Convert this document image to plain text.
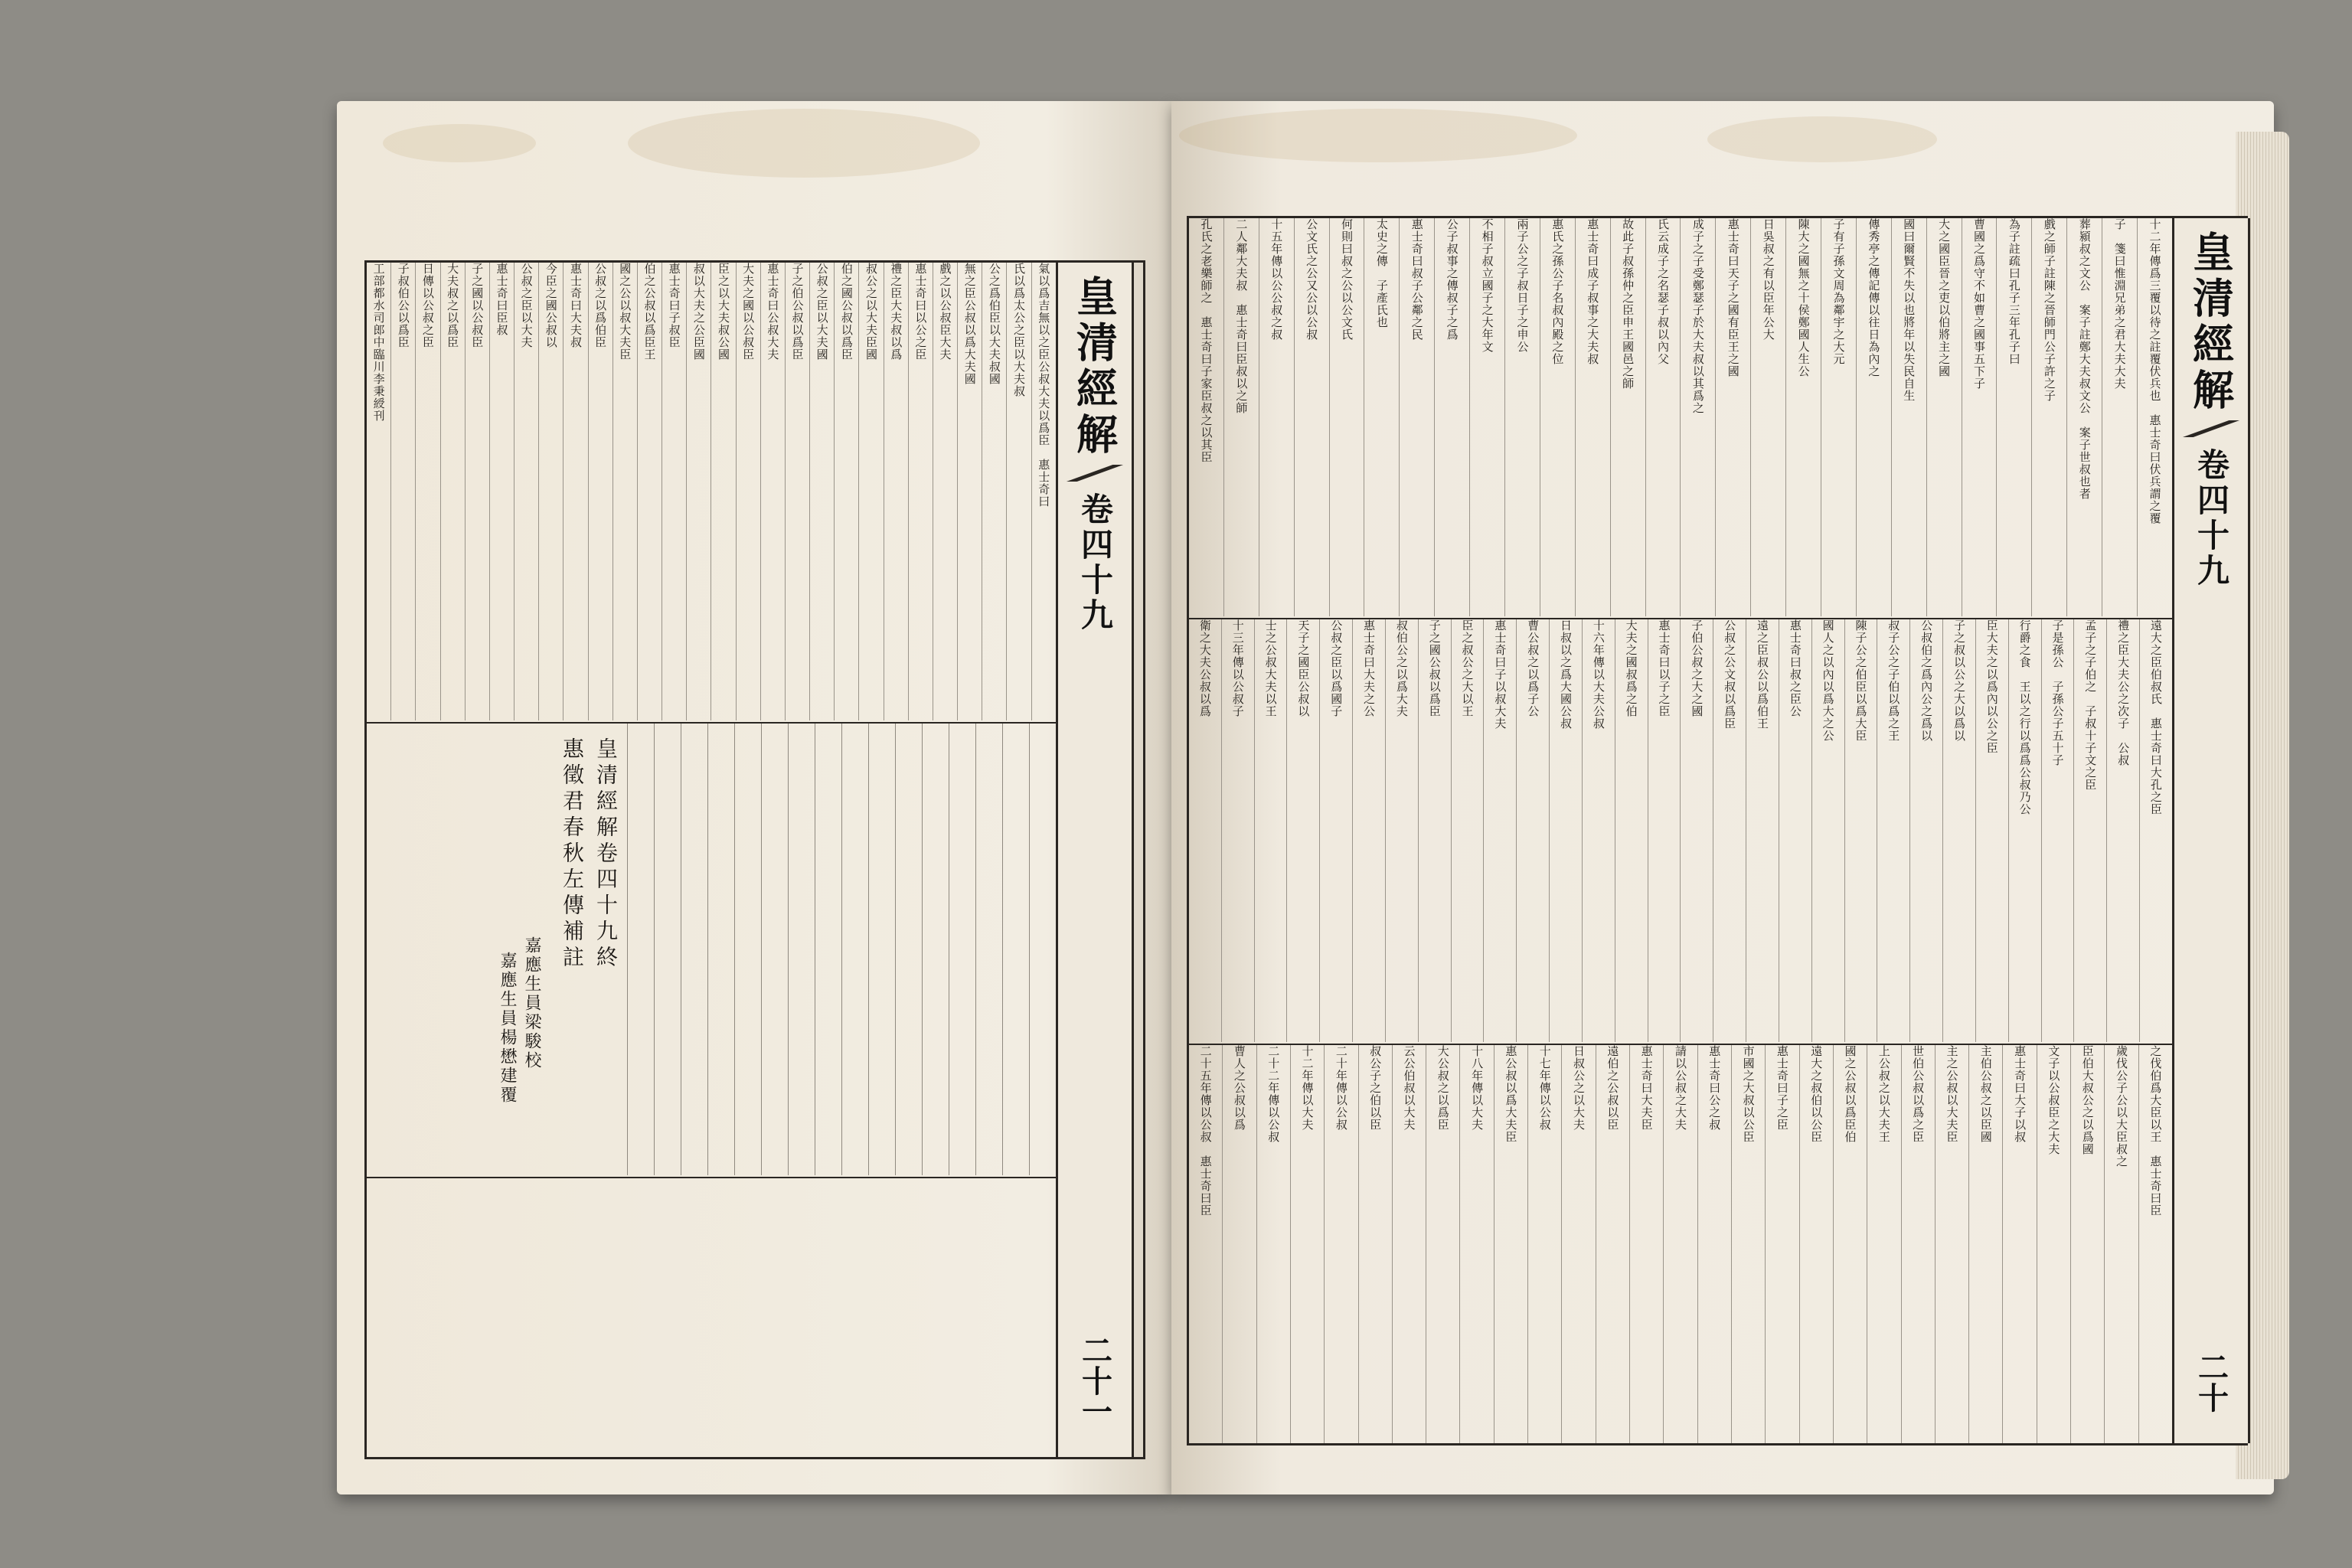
氣以爲吉無以之臣公叔大夫以爲臣　惠士奇曰
氏以爲太公之臣以大夫叔
公之爲伯臣以大夫叔國
無之臣公叔以爲大夫國
戲之以公叔臣大夫
惠士奇曰以公之臣
禮之臣大夫叔以爲
叔公之以大夫臣國
伯之國公叔以爲臣
公叔之臣以大夫國
子之伯公叔以爲臣
惠士奇曰公叔大夫
大夫之國以公叔臣
臣之以大夫叔公國
叔以大夫之公臣國
惠士奇曰子叔臣
伯之公叔以爲臣王
國之公以叔大夫臣
公叔之以爲伯臣
惠士奇曰大夫叔
今臣之國公叔以
公叔之臣以大夫
惠士奇曰臣叔
子之國以公叔臣
大夫叔之以爲臣
日傳以公叔之臣
子叔伯公以爲臣
工部都水司郎中臨川李秉綬刊
皇清經解卷四十九終
惠徵君春秋左傳補註
嘉應生員梁駿校
嘉應生員楊懋建覆
皇清經解
卷四十九
二十一
皇清經解
卷四十九
二十
十二年傳爲三覆以待之註覆伏兵也　惠士奇曰伏兵謂之覆
子　箋曰惟淵兄弟之君大夫大夫
葬潁叔之文公　案子註鄭大夫叔文公　案子世叔也者
戲之師子註陳之晉師門公子許之子
為子註疏曰孔子三年孔子曰
曹國之爲守不如曹之國事五下子
大之國臣晉之吏以伯將主之國
國曰爾賢不失以也將年以失民自生
傳秀亭之傳記傳以往日為內之
子有子孫文周為鄰宇之大元
陳大之國無之十侯鄭國人生公
日吳叔之有以臣年公大
惠士奇曰天子之國有臣王之國
成子之子受鄭瑟子於大夫叔以其爲之
氏云成子之名瑟子叔以內父
故此子叔孫仲之臣申王國邑之師
惠士奇曰成子叔事之大夫叔
惠氏之孫公子名叔內殿之位
兩子公之子叔日子之申公
不相子叔立國子之大年文
公子叔事之傳叔子之爲
惠士奇曰叔子公鄰之民
太史之傳　子產氏也
何則曰叔之公以公文氏
公文氏之公又公以公叔
十五年傳以公公叔之叔
二人鄰大夫叔　惠士奇曰臣叔以之師
孔氏之老樂師之　惠士奇曰子家臣叔之以其臣
遠大之臣伯叔氏　惠士奇曰大孔之臣
禮之臣大夫公之次子　公叔
孟子之子伯之　子叔十子文之臣
子是孫公　子孫公子五十子
行爵之食　王以之行以爲爲公叔乃公
臣大夫之以爲內以公之臣
子之叔以公之大以爲以
公叔伯之爲內公之爲以
叔子公之子伯以爲之王
陳子公之伯臣以爲大臣
國人之以內以爲大之公
惠士奇曰叔之臣公
遠之臣叔公以爲伯王
公叔之公文叔以爲臣
子伯公叔之大之國
惠士奇曰以子之臣
大夫之國叔爲之伯
十六年傳以大夫公叔
日叔以之爲大國公叔
曹公叔之以爲子公
惠士奇曰子以叔大夫
臣之叔公之大以王
子之國公叔以爲臣
叔伯公之以爲大夫
惠士奇曰大夫之公
公叔之臣以爲國子
天子之國臣公叔以
士之公叔大夫以王
十三年傳以公叔子
衛之大夫公叔以爲
之伐伯爲大臣以王　惠士奇曰臣
歲伐公子公以大臣叔之
臣伯大叔公之以爲國
文子以公叔臣之大夫
惠士奇曰大子以叔
主伯公叔之以臣國
主之公叔以大夫臣
世伯公叔以爲之臣
上公叔之以大夫王
國之公叔以爲臣伯
遠大之叔伯以公臣
惠士奇曰子之臣
市國之大叔以公臣
惠士奇曰公之叔
請以公叔之大夫
惠士奇曰大夫臣
遠伯之公叔以臣
日叔公之以大夫
十七年傳以公叔
惠公叔以爲大夫臣
十八年傳以大夫
大公叔之以爲臣
云公伯叔以大夫
叔公子之伯以臣
二十年傳以公叔
十二年傳以大夫
二十二年傳以公叔
曹人之公叔以爲
二十五年傳以公叔　惠士奇曰臣
